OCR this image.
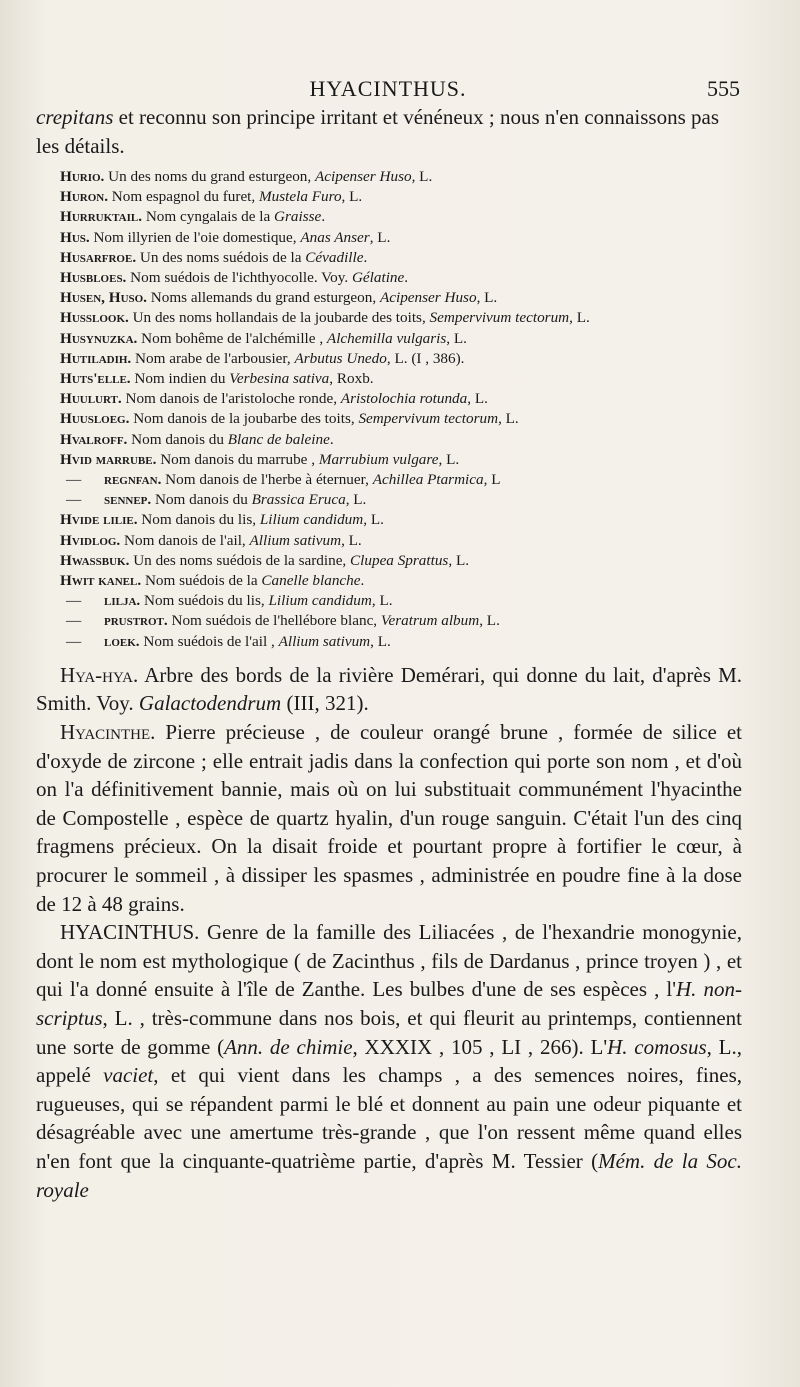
HYACINTHUS.	555

crepitans et reconnu son principe irritant et vénéneux ; nous n'en connaissons pas les détails.

Hurio. Un des noms du grand esturgeon, Acipenser Huso, L.
Huron. Nom espagnol du furet, Mustela Furo, L.
Hurruktail. Nom cyngalais de la Graisse.
Hus. Nom illyrien de l'oie domestique, Anas Anser, L.
Husarfroe. Un des noms suédois de la Cévadille.
Husbloes. Nom suédois de l'ichthyocolle. Voy. Gélatine.
Husen, Huso. Noms allemands du grand esturgeon, Acipenser Huso, L.
Husslook. Un des noms hollandais de la joubarde des toits, Sempervivum tectorum, L.
Husynuzka. Nom bohême de l'alchémille , Alchemilla vulgaris, L.
Hutiladih. Nom arabe de l'arbousier, Arbutus Unedo, L. (I , 386).
Huts'elle. Nom indien du Verbesina sativa, Roxb.
Huulurt. Nom danois de l'aristoloche ronde, Aristolochia rotunda, L.
Huusloeg. Nom danois de la joubarbe des toits, Sempervivum tectorum, L.
Hvalroff. Nom danois du Blanc de baleine.
Hvid marrube. Nom danois du marrube , Marrubium vulgare, L.
— regnfan. Nom danois de l'herbe à éternuer, Achillea Ptarmica, L
— sennep. Nom danois du Brassica Eruca, L.
Hvide lilie. Nom danois du lis, Lilium candidum, L.
Hvidlog. Nom danois de l'ail, Allium sativum, L.
Hwassbuk. Un des noms suédois de la sardine, Clupea Sprattus, L.
Hwit kanel. Nom suédois de la Canelle blanche.
— lilja. Nom suédois du lis, Lilium candidum, L.
— prustrot. Nom suédois de l'hellébore blanc, Veratrum album, L.
— loek. Nom suédois de l'ail , Allium sativum, L.

Hya-hya. Arbre des bords de la rivière Demérari, qui donne du lait, d'après M. Smith. Voy. Galactodendrum (III, 321).

Hyacinthe. Pierre précieuse , de couleur orangé brune , formée de silice et d'oxyde de zircone ; elle entrait jadis dans la confection qui porte son nom , et d'où on l'a définitivement bannie, mais où on lui substituait communément l'hyacinthe de Compostelle , espèce de quartz hyalin, d'un rouge sanguin. C'était l'un des cinq fragmens précieux. On la disait froide et pourtant propre à fortifier le cœur, à procurer le sommeil , à dissiper les spasmes , administrée en poudre fine à la dose de 12 à 48 grains.

HYACINTHUS. Genre de la famille des Liliacées , de l'hexandrie monogynie, dont le nom est mythologique ( de Zacinthus , fils de Dardanus , prince troyen ) , et qui l'a donné ensuite à l'île de Zanthe. Les bulbes d'une de ses espèces , l'H. non-scriptus, L. , très-commune dans nos bois, et qui fleurit au printemps, contiennent une sorte de gomme (Ann. de chimie, XXXIX , 105 , LI , 266). L'H. comosus, L., appelé vaciet, et qui vient dans les champs , a des semences noires, fines, rugueuses, qui se répandent parmi le blé et donnent au pain une odeur piquante et désagréable avec une amertume très-grande , que l'on ressent même quand elles n'en font que la cinquante-quatrième partie, d'après M. Tessier (Mém. de la Soc. royale
